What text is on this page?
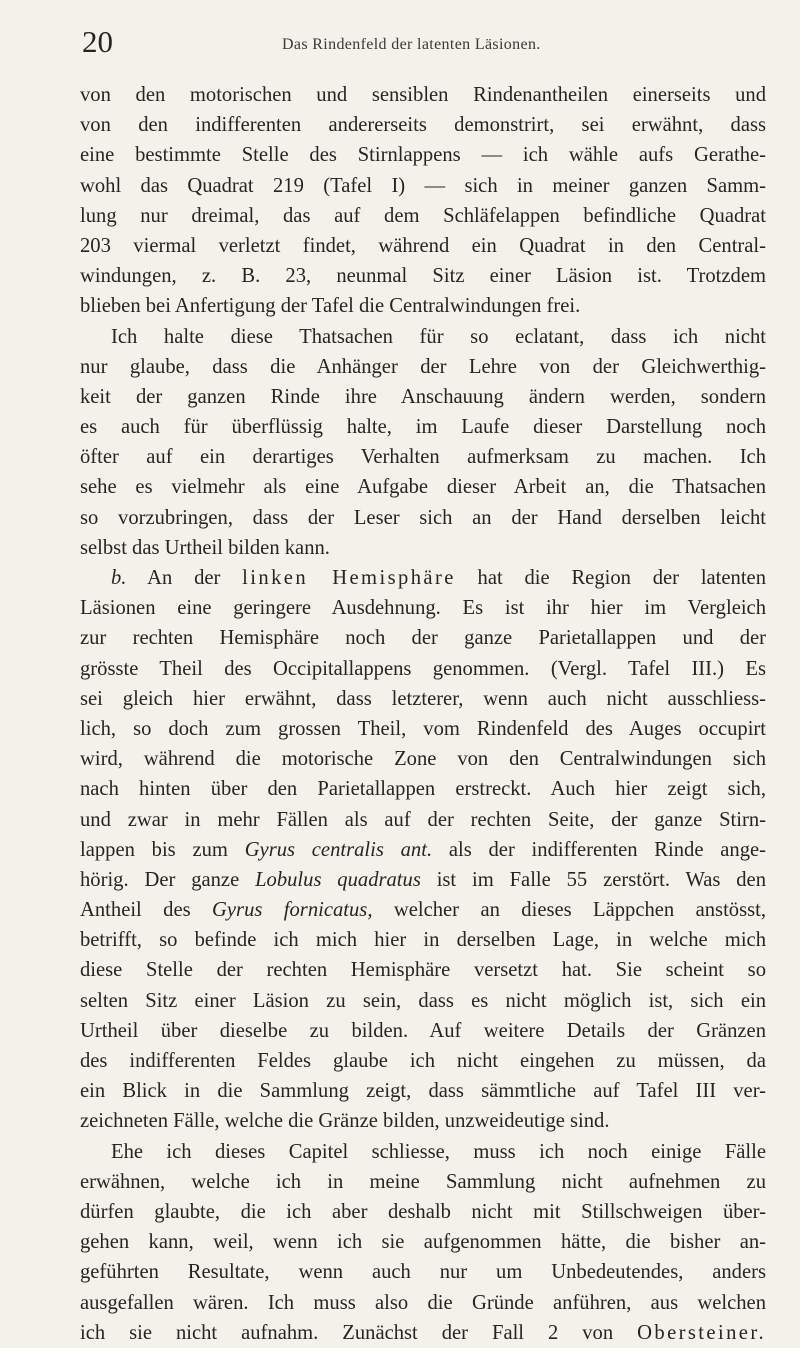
20	Das Rindenfeld der latenten Läsionen.
von den motorischen und sensiblen Rindenantheilen einerseits und
von den indifferenten andererseits demonstrirt, sei erwähnt, dass
eine bestimmte Stelle des Stirnlappens — ich wähle aufs Gerathe-
wohl das Quadrat 219 (Tafel I) — sich in meiner ganzen Samm-
lung nur dreimal, das auf dem Schläfelappen befindliche Quadrat
203 viermal verletzt findet, während ein Quadrat in den Central-
windungen, z. B. 23, neunmal Sitz einer Läsion ist. Trotzdem
blieben bei Anfertigung der Tafel die Centralwindungen frei.
Ich halte diese Thatsachen für so eclatant, dass ich nicht
nur glaube, dass die Anhänger der Lehre von der Gleichwerthig-
keit der ganzen Rinde ihre Anschauung ändern werden, sondern
es auch für überflüssig halte, im Laufe dieser Darstellung noch
öfter auf ein derartiges Verhalten aufmerksam zu machen. Ich
sehe es vielmehr als eine Aufgabe dieser Arbeit an, die Thatsachen
so vorzubringen, dass der Leser sich an der Hand derselben leicht
selbst das Urtheil bilden kann.
b. An der linken Hemisphäre hat die Region der latenten
Läsionen eine geringere Ausdehnung. Es ist ihr hier im Vergleich
zur rechten Hemisphäre noch der ganze Parietallappen und der
grösste Theil des Occipitallappens genommen. (Vergl. Tafel III.) Es
sei gleich hier erwähnt, dass letzterer, wenn auch nicht ausschliess-
lich, so doch zum grossen Theil, vom Rindenfeld des Auges occupirt
wird, während die motorische Zone von den Centralwindungen sich
nach hinten über den Parietallappen erstreckt. Auch hier zeigt sich,
und zwar in mehr Fällen als auf der rechten Seite, der ganze Stirn-
lappen bis zum Gyrus centralis ant. als der indifferenten Rinde ange-
hörig. Der ganze Lobulus quadratus ist im Falle 55 zerstört. Was den
Antheil des Gyrus fornicatus, welcher an dieses Läppchen anstösst,
betrifft, so befinde ich mich hier in derselben Lage, in welche mich
diese Stelle der rechten Hemisphäre versetzt hat. Sie scheint so
selten Sitz einer Läsion zu sein, dass es nicht möglich ist, sich ein
Urtheil über dieselbe zu bilden. Auf weitere Details der Gränzen
des indifferenten Feldes glaube ich nicht eingehen zu müssen, da
ein Blick in die Sammlung zeigt, dass sämmtliche auf Tafel III ver-
zeichneten Fälle, welche die Gränze bilden, unzweideutige sind.
Ehe ich dieses Capitel schliesse, muss ich noch einige Fälle
erwähnen, welche ich in meine Sammlung nicht aufnehmen zu
dürfen glaubte, die ich aber deshalb nicht mit Stillschweigen über-
gehen kann, weil, wenn ich sie aufgenommen hätte, die bisher an-
geführten Resultate, wenn auch nur um Unbedeutendes, anders
ausgefallen wären. Ich muss also die Gründe anführen, aus welchen
ich sie nicht aufnahm. Zunächst der Fall 2 von Obersteiner.
